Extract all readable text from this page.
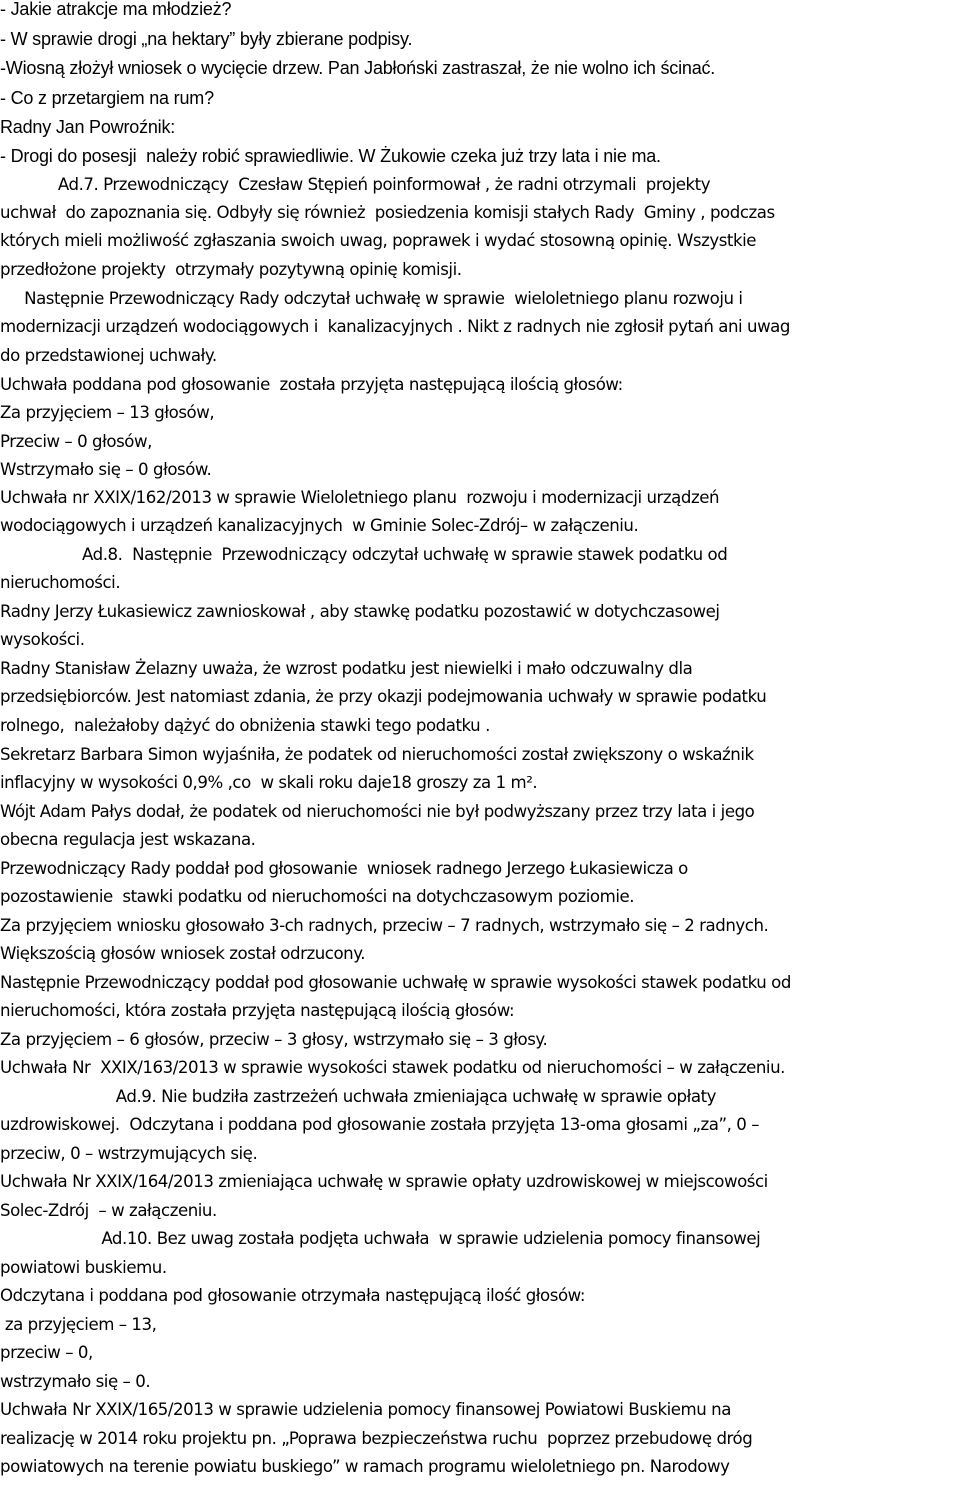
- Jakie atrakcje ma młodzież?
- W sprawie drogi „na hektary” były zbierane podpisy.
-Wiosną złożył wniosek o wycięcie drzew. Pan Jabłoński zastraszał, że nie wolno ich ścinać.
- Co z przetargiem na rum?
Radny Jan Powroźnik:
- Drogi do posesji  należy robić sprawiedliwie. W Żukowie czeka już trzy lata i nie ma.
Ad.7. Przewodniczący  Czesław Stępień poinformował , że radni otrzymali  projekty
uchwał  do zapoznania się. Odbyły się również  posiedzenia komisji stałych Rady  Gminy , podczas
których mieli możliwość zgłaszania swoich uwag, poprawek i wydać stosowną opinię. Wszystkie
przedłożone projekty  otrzymały pozytywną opinię komisji.
Następnie Przewodniczący Rady odczytał uchwałę w sprawie  wieloletniego planu rozwoju i
modernizacji urządzeń wodociągowych i  kanalizacyjnych . Nikt z radnych nie zgłosił pytań ani uwag
do przedstawionej uchwały.
Uchwała poddana pod głosowanie  została przyjęta następującą ilością głosów:
Za przyjęciem – 13 głosów,
Przeciw – 0 głosów,
Wstrzymało się – 0 głosów.
Uchwała nr XXIX/162/2013 w sprawie Wieloletniego planu  rozwoju i modernizacji urządzeń
wodociągowych i urządzeń kanalizacyjnych  w Gminie Solec-Zdrój– w załączeniu.
Ad.8.  Następnie  Przewodniczący odczytał uchwałę w sprawie stawek podatku od
nieruchomości.
Radny Jerzy Łukasiewicz zawnioskował , aby stawkę podatku pozostawić w dotychczasowej
wysokości.
Radny Stanisław Żelazny uważa, że wzrost podatku jest niewielki i mało odczuwalny dla
przedsiębiorców. Jest natomiast zdania, że przy okazji podejmowania uchwały w sprawie podatku
rolnego,  należałoby dążyć do obniżenia stawki tego podatku .
Sekretarz Barbara Simon wyjaśniła, że podatek od nieruchomości został zwiększony o wskaźnik
inflacyjny w wysokości 0,9% ,co  w skali roku daje18 groszy za 1 m².
Wójt Adam Pałys dodał, że podatek od nieruchomości nie był podwyższany przez trzy lata i jego
obecna regulacja jest wskazana.
Przewodniczący Rady poddał pod głosowanie  wniosek radnego Jerzego Łukasiewicza o
pozostawienie  stawki podatku od nieruchomości na dotychczasowym poziomie.
Za przyjęciem wniosku głosowało 3-ch radnych, przeciw – 7 radnych, wstrzymało się – 2 radnych.
Większością głosów wniosek został odrzucony.
Następnie Przewodniczący poddał pod głosowanie uchwałę w sprawie wysokości stawek podatku od
nieruchomości, która została przyjęta następującą ilością głosów:
Za przyjęciem – 6 głosów, przeciw – 3 głosy, wstrzymało się – 3 głosy.
Uchwała Nr  XXIX/163/2013 w sprawie wysokości stawek podatku od nieruchomości – w załączeniu.
Ad.9. Nie budziła zastrzeżeń uchwała zmieniająca uchwałę w sprawie opłaty
uzdrowiskowej.  Odczytana i poddana pod głosowanie została przyjęta 13-oma głosami „za”, 0 –
przeciw, 0 – wstrzymujących się.
Uchwała Nr XXIX/164/2013 zmieniająca uchwałę w sprawie opłaty uzdrowiskowej w miejscowości
Solec-Zdrój  – w załączeniu.
Ad.10. Bez uwag została podjęta uchwała  w sprawie udzielenia pomocy finansowej
powiatowi buskiemu.
Odczytana i poddana pod głosowanie otrzymała następującą ilość głosów:
za przyjęciem – 13,
przeciw – 0,
wstrzymało się – 0.
Uchwała Nr XXIX/165/2013 w sprawie udzielenia pomocy finansowej Powiatowi Buskiemu na
realizację w 2014 roku projektu pn. „Poprawa bezpieczeństwa ruchu  poprzez przebudowę dróg
powiatowych na terenie powiatu buskiego” w ramach programu wieloletniego pn. Narodowy
